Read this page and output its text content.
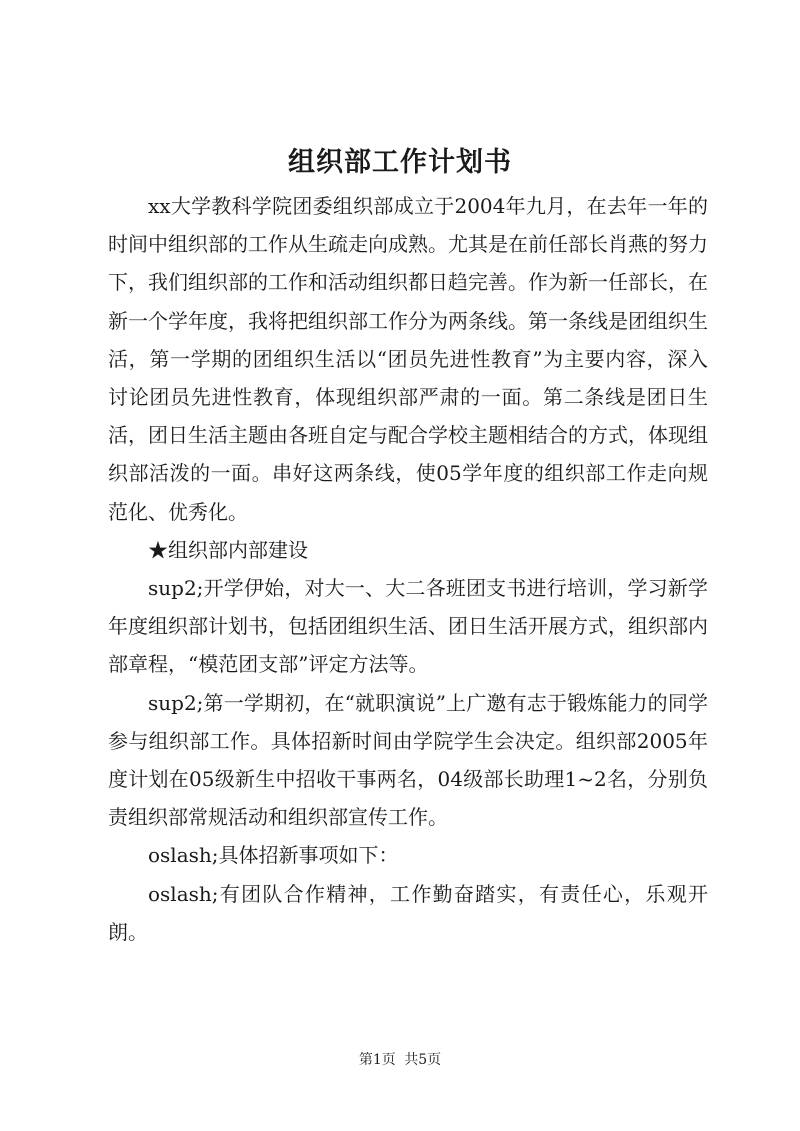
组织部工作计划书

xx大学教科学院团委组织部成立于2004年九月，在去年一年的时间中组织部的工作从生疏走向成熟。尤其是在前任部长肖燕的努力下，我们组织部的工作和活动组织都日趋完善。作为新一任部长，在新一个学年度，我将把组织部工作分为两条线。第一条线是团组织生活，第一学期的团组织生活以“团员先进性教育”为主要内容，深入讨论团员先进性教育，体现组织部严肃的一面。第二条线是团日生活，团日生活主题由各班自定与配合学校主题相结合的方式，体现组织部活泼的一面。串好这两条线，使05学年度的组织部工作走向规范化、优秀化。

★组织部内部建设

sup2;开学伊始，对大一、大二各班团支书进行培训，学习新学年度组织部计划书，包括团组织生活、团日生活开展方式，组织部内部章程，“模范团支部”评定方法等。

sup2;第一学期初，在“就职演说”上广邀有志于锻炼能力的同学参与组织部工作。具体招新时间由学院学生会决定。组织部2005年度计划在05级新生中招收干事两名，04级部长助理1~2名，分别负责组织部常规活动和组织部宣传工作。

oslash;具体招新事项如下：

oslash;有团队合作精神，工作勤奋踏实，有责任心，乐观开朗。

第1页 共5页
